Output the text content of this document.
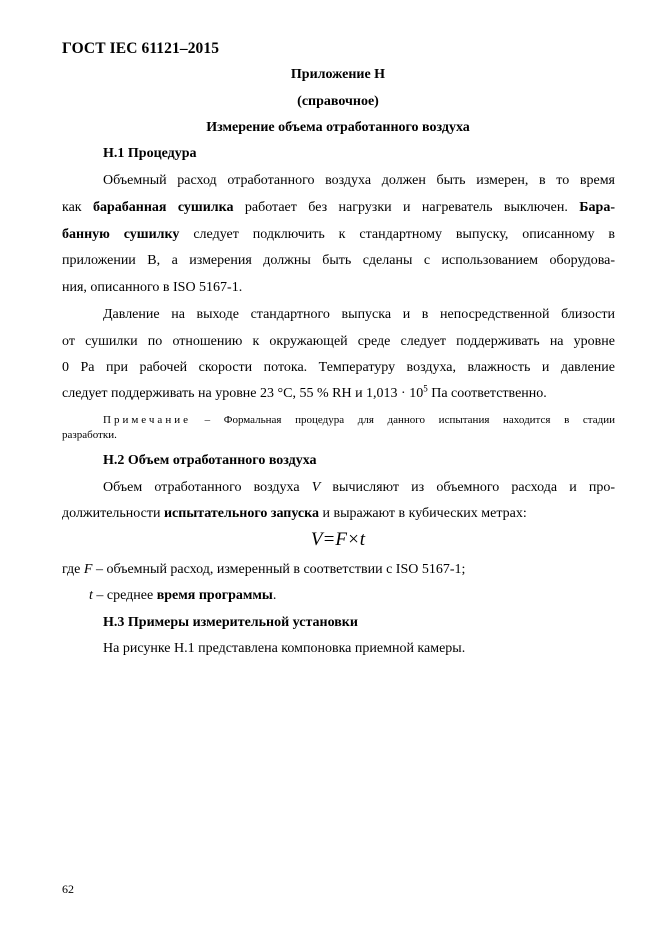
ГОСТ IEC 61121–2015
Приложение Н
(справочное)
Измерение объема отработанного воздуха
Н.1 Процедура
Объемный расход отработанного воздуха должен быть измерен, в то время
как барабанная сушилка работает без нагрузки и нагреватель выключен. Бара-
банную сушилку следует подключить к стандартному выпуску, описанному в
приложении В, а измерения должны быть сделаны с использованием оборудова-
ния, описанного в ISO 5167-1.
Давление на выходе стандартного выпуска и в непосредственной близости
от сушилки по отношению к окружающей среде следует поддерживать на уровне
0 Ра при рабочей скорости потока. Температуру воздуха, влажность и давление
следует поддерживать на уровне 23 °С, 55 % RH и $1,013 \cdot 10^5$ Па соответственно.
Примечание – Формальная процедура для данного испытания находится в стадии
разработки.
Н.2 Объем отработанного воздуха
Объем отработанного воздуха V вычисляют из объемного расхода и про-
должительности испытательного запуска и выражают в кубических метрах:
V=F×t
где F – объемный расход, измеренный в соответствии с ISO 5167-1;
t – среднее время программы.
Н.3 Примеры измерительной установки
На рисунке Н.1 представлена компоновка приемной камеры.
62
